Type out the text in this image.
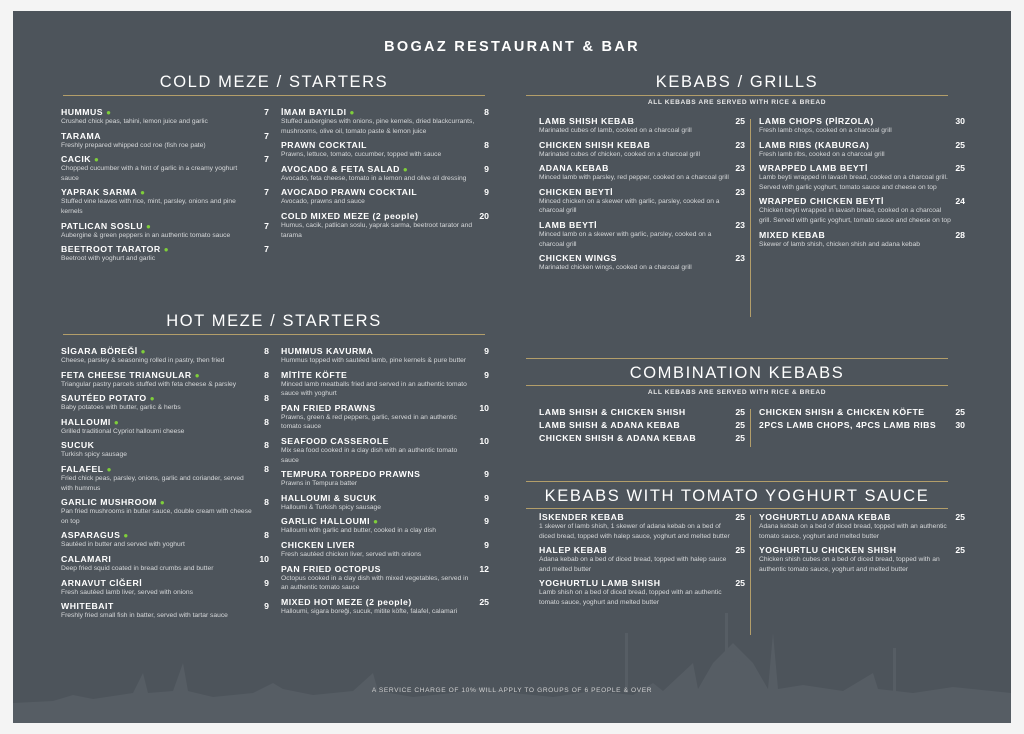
BOGAZ RESTAURANT & BAR
COLD MEZE / STARTERS
HUMMUS ●	7
Crushed chick peas, tahini, lemon juice and garlic
TARAMA	7
Freshly prepared whipped cod roe (fish roe pate)
CACIK ●	7
Chopped cucumber with a hint of garlic in a creamy yoghurt sauce
YAPRAK SARMA ●	7
Stuffed vine leaves with rice, mint, parsley, onions and pine kernels
PATLICAN SOSLU ●	7
Aubergine & green peppers in an authentic tomato sauce
BEETROOT TARATOR ●	7
Beetroot with yoghurt and garlic
İMAM BAYILDI ●	8
Stuffed aubergines with onions, pine kernels, dried blackcurrants, mushrooms, olive oil, tomato paste & lemon juice
PRAWN COCKTAIL	8
Prawns, lettuce, tomato, cucumber, topped with sauce
AVOCADO & FETA SALAD ●	9
Avocado, feta cheese, tomato in a lemon and olive oil dressing
AVOCADO PRAWN COCKTAIL	9
Avocado, prawns and sauce
COLD MIXED MEZE (2 people)	20
Humus, cacik, patlican soslu, yaprak sarma, beetroot tarator and tarama
HOT MEZE / STARTERS
SİGARA BÖREĞİ ●	8
Cheese, parsley & seasoning rolled in pastry, then fried
FETA CHEESE TRIANGULAR ●	8
Triangular pastry parcels stuffed with feta cheese & parsley
SAUTÉED POTATO ●	8
Baby potatoes with butter, garlic & herbs
HALLOUMI ●	8
Grilled traditional Cypriot halloumi cheese
SUCUK	8
Turkish spicy sausage
FALAFEL ●	8
Fried chick peas, parsley, onions, garlic and coriander, served with hummus
GARLIC MUSHROOM ●	8
Pan fried mushrooms in butter sauce, double cream with cheese on top
ASPARAGUS ●	8
Sautéed in butter and served with yoghurt
CALAMARI	10
Deep fried squid coated in bread crumbs and butter
ARNAVUT CİĞERİ	9
Fresh sautéed lamb liver, served with onions
WHITEBAIT	9
Freshly fried small fish in batter, served with tartar sauce
HUMMUS KAVURMA	9
Hummus topped with sautéed lamb, pine kernels & pure butter
MİTİTE KÖFTE	9
Minced lamb meatballs fried and served in an authentic tomato sauce with yoghurt
PAN FRIED PRAWNS	10
Prawns, green & red peppers, garlic, served in an authentic tomato sauce
SEAFOOD CASSEROLE	10
Mix sea food cooked in a clay dish with an authentic tomato sauce
TEMPURA TORPEDO PRAWNS	9
Prawns in Tempura batter
HALLOUMI & SUCUK	9
Halloumi & Turkish spicy sausage
GARLIC HALLOUMI ●	9
Halloumi with garlic and butter, cooked in a clay dish
CHICKEN LIVER	9
Fresh sautéed chicken liver, served with onions
PAN FRIED OCTOPUS	12
Octopus cooked in a clay dish with mixed vegetables, served in an authentic tomato sauce
MIXED HOT MEZE (2 people)	25
Halloumi, sigara boreği, sucuk, mitite köfte, falafel, calamari
KEBABS / GRILLS
ALL KEBABS ARE SERVED WITH RICE & BREAD
LAMB SHISH KEBAB	25
Marinated cubes of lamb, cooked on a charcoal grill
CHICKEN SHISH KEBAB	23
Marinated cubes of chicken, cooked on a charcoal grill
ADANA KEBAB	23
Minced lamb with parsley, red pepper, cooked on a charcoal grill
CHICKEN BEYTİ	23
Minced chicken on a skewer with garlic, parsley, cooked on a charcoal grill
LAMB BEYTİ	23
Minced lamb on a skewer with garlic, parsley, cooked on a charcoal grill
CHICKEN WINGS	23
Marinated chicken wings, cooked on a charcoal grill
LAMB CHOPS (PİRZOLA)	30
Fresh lamb chops, cooked on a charcoal grill
LAMB RIBS (KABURGA)	25
Fresh lamb ribs, cooked on a charcoal grill
WRAPPED LAMB BEYTİ	25
Lamb beyti wrapped in lavash bread, cooked on a charcoal grill. Served with garlic yoghurt, tomato sauce and cheese on top
WRAPPED CHICKEN BEYTİ	24
Chicken beyti wrapped in lavash bread, cooked on a charcoal grill. Served with garlic yoghurt, tomato sauce and cheese on top
MIXED KEBAB	28
Skewer of lamb shish, chicken shish and adana kebab
COMBINATION KEBABS
ALL KEBABS ARE SERVED WITH RICE & BREAD
LAMB SHISH & CHICKEN SHISH	25
LAMB SHISH & ADANA KEBAB	25
CHICKEN SHISH & ADANA KEBAB	25
CHICKEN SHISH & CHICKEN KÖFTE	25
2PCS LAMB CHOPS, 4PCS LAMB RIBS 30
KEBABS WITH TOMATO YOGHURT SAUCE
İSKENDER KEBAB	25
1 skewer of lamb shish, 1 skewer of adana kebab on a bed of diced bread, topped with halep sauce, yoghurt and melted butter
HALEP KEBAB	25
Adana kebab on a bed of diced bread, topped with halep sauce and melted butter
YOGHURTLU LAMB SHISH	25
Lamb shish on a bed of diced bread, topped with an authentic tomato sauce, yoghurt and melted butter
YOGHURTLU ADANA KEBAB	25
Adana kebab on a bed of diced bread, topped with an authentic tomato sauce, yoghurt and melted butter
YOGHURTLU CHICKEN SHISH	25
Chicken shish cubes on a bed of diced bread, topped with an authentic tomato sauce, yoghurt and melted butter
A SERVICE CHARGE OF 10% WILL APPLY TO GROUPS OF 6 PEOPLE & OVER
